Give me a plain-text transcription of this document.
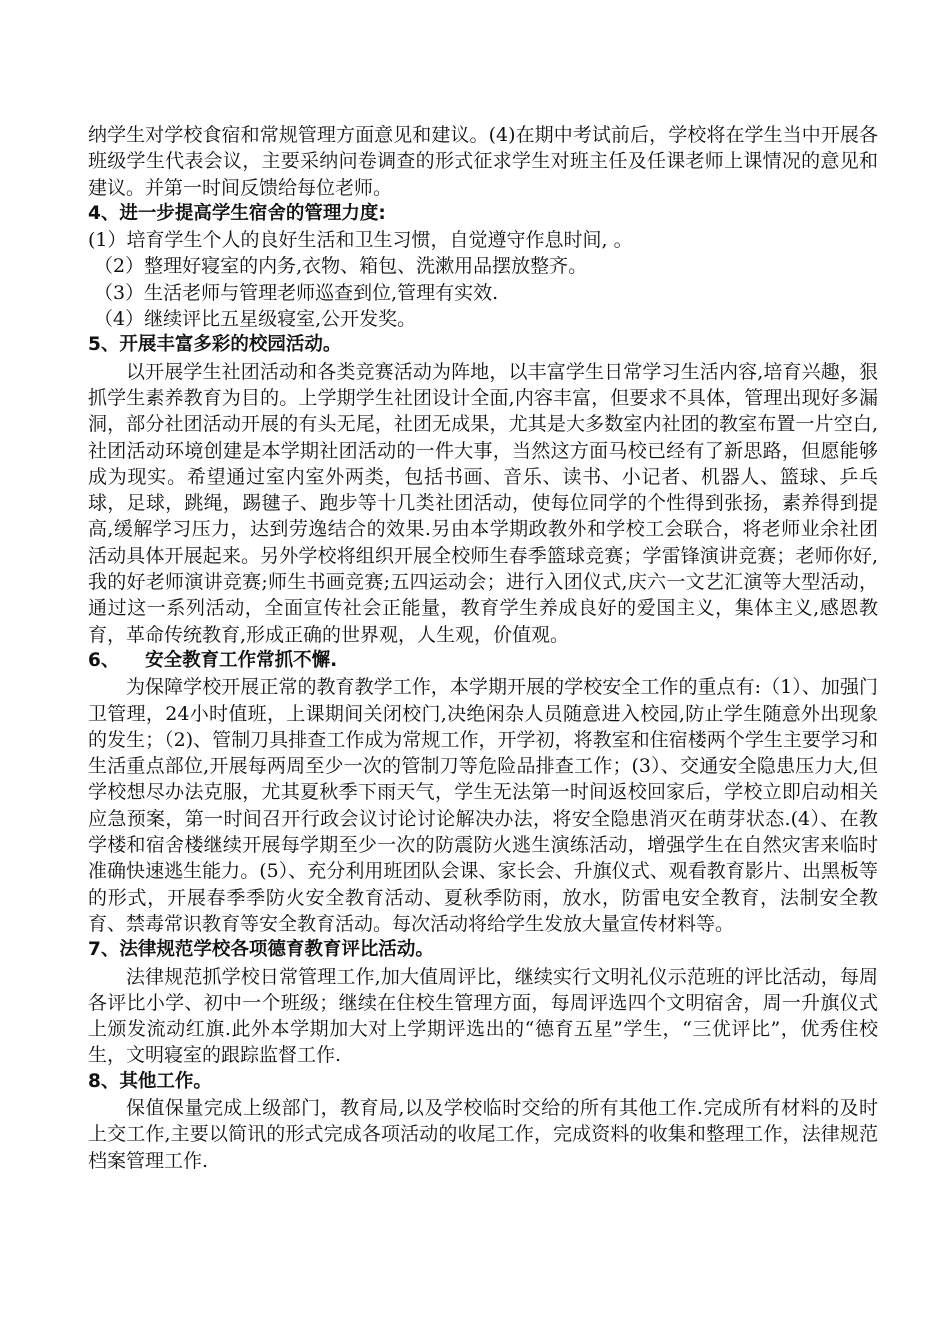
纳学生对学校食宿和常规管理方面意见和建议。(4)在期中考试前后，学校将在学生当中开展各班级学生代表会议，主要采纳问卷调查的形式征求学生对班主任及任课老师上课情况的意见和建议。并第一时间反馈给每位老师。

4、进一步提高学生宿舍的管理力度:

(1）培育学生个人的良好生活和卫生习惯，自觉遵守作息时间, 。

（2）整理好寝室的内务,衣物、箱包、洗漱用品摆放整齐。

（3）生活老师与管理老师巡查到位,管理有实效.

（4）继续评比五星级寝室,公开发奖。

5、开展丰富多彩的校园活动。

以开展学生社团活动和各类竞赛活动为阵地，以丰富学生日常学习生活内容,培育兴趣，狠抓学生素养教育为目的。上学期学生社团设计全面,内容丰富，但要求不具体，管理出现好多漏洞，部分社团活动开展的有头无尾，社团无成果，尤其是大多数室内社团的教室布置一片空白,社团活动环境创建是本学期社团活动的一件大事，当然这方面马校已经有了新思路，但愿能够成为现实。希望通过室内室外两类，包括书画、音乐、读书、小记者、机器人、篮球、乒乓球，足球，跳绳，踢毽子、跑步等十几类社团活动，使每位同学的个性得到张扬，素养得到提高,缓解学习压力，达到劳逸结合的效果.另由本学期政教外和学校工会联合，将老师业余社团活动具体开展起来。另外学校将组织开展全校师生春季篮球竞赛；学雷锋演讲竞赛；老师你好,我的好老师演讲竞赛;师生书画竞赛;五四运动会；进行入团仪式,庆六一文艺汇演等大型活动，通过这一系列活动，全面宣传社会正能量，教育学生养成良好的爱国主义，集体主义,感恩教育，革命传统教育,形成正确的世界观，人生观，价值观。

6、    安全教育工作常抓不懈.

为保障学校开展正常的教育教学工作，本学期开展的学校安全工作的重点有:（1）、加强门卫管理，24小时值班，上课期间关闭校门,决绝闲杂人员随意进入校园,防止学生随意外出现象的发生；（2)、管制刀具排查工作成为常规工作，开学初，将教室和住宿楼两个学生主要学习和生活重点部位,开展每两周至少一次的管制刀等危险品排查工作；(3）、交通安全隐患压力大,但学校想尽办法克服，尤其夏秋季下雨天气，学生无法第一时间返校回家后，学校立即启动相关应急预案，第一时间召开行政会议讨论讨论解决办法，将安全隐患消灭在萌芽状态.(4）、在教学楼和宿舍楼继续开展每学期至少一次的防震防火逃生演练活动，增强学生在自然灾害来临时准确快速逃生能力。(5）、充分利用班团队会课、家长会、升旗仪式、观看教育影片、出黑板等的形式，开展春季季防火安全教育活动、夏秋季防雨，放水，防雷电安全教育，法制安全教育、禁毒常识教育等安全教育活动。每次活动将给学生发放大量宣传材料等。

7、法律规范学校各项德育教育评比活动。

法律规范抓学校日常管理工作,加大值周评比，继续实行文明礼仪示范班的评比活动，每周各评比小学、初中一个班级；继续在住校生管理方面，每周评选四个文明宿舍，周一升旗仪式上颁发流动红旗.此外本学期加大对上学期评选出的“德育五星”学生，“三优评比”，优秀住校生，文明寝室的跟踪监督工作.

8、其他工作。

保值保量完成上级部门，教育局,以及学校临时交给的所有其他工作.完成所有材料的及时上交工作,主要以简讯的形式完成各项活动的收尾工作，完成资料的收集和整理工作，法律规范档案管理工作.
